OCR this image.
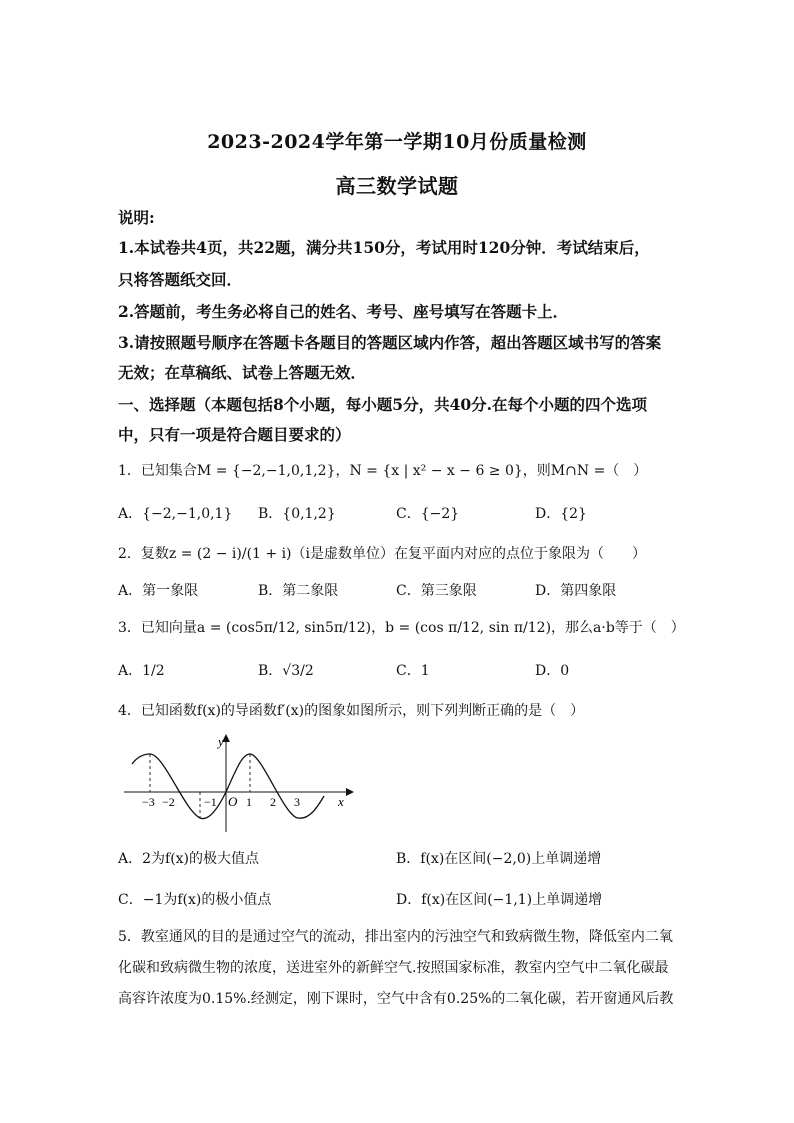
2023-2024学年第一学期10月份质量检测
高三数学试题
说明:
1.本试卷共4页，共22题，满分共150分，考试用时120分钟．考试结束后，
只将答题纸交回．
2.答题前，考生务必将自己的姓名、考号、座号填写在答题卡上．
3.请按照题号顺序在答题卡各题目的答题区域内作答，超出答题区域书写的答案
无效；在草稿纸、试卷上答题无效．
一、选择题（本题包括8个小题，每小题5分，共40分.在每个小题的四个选项
中，只有一项是符合题目要求的）
1．已知集合M = {−2,−1,0,1,2}，N = {x | x² − x − 6 ≥ 0}，则M∩N =（　）
A．{−2,−1,0,1} B．{0,1,2}	C．{−2}	D．{2}
2．复数z = (2 − i)/(1 + i)（i是虚数单位）在复平面内对应的点位于象限为（　　）
A．第一象限	B．第二象限	C．第三象限	D．第四象限
3．已知向量a = (cos5π/12, sin5π/12)，b = (cos π/12, sin π/12)，那么a·b等于（　）
A．1/2	B．√3/2	C．1	D．0
4．已知函数f(x)的导函数f′(x)的图象如图所示，则下列判断正确的是（　）
y
x
O
−3 −2 −1 1 2 3
A．2为f(x)的极大值点	B．f(x)在区间(−2,0)上单调递增
C．−1为f(x)的极小值点	D．f(x)在区间(−1,1)上单调递增
5．教室通风的目的是通过空气的流动，排出室内的污浊空气和致病微生物，降低室内二氧
化碳和致病微生物的浓度，送进室外的新鲜空气.按照国家标准，教室内空气中二氧化碳最
高容许浓度为0.15%.经测定，刚下课时，空气中含有0.25%的二氧化碳，若开窗通风后教
